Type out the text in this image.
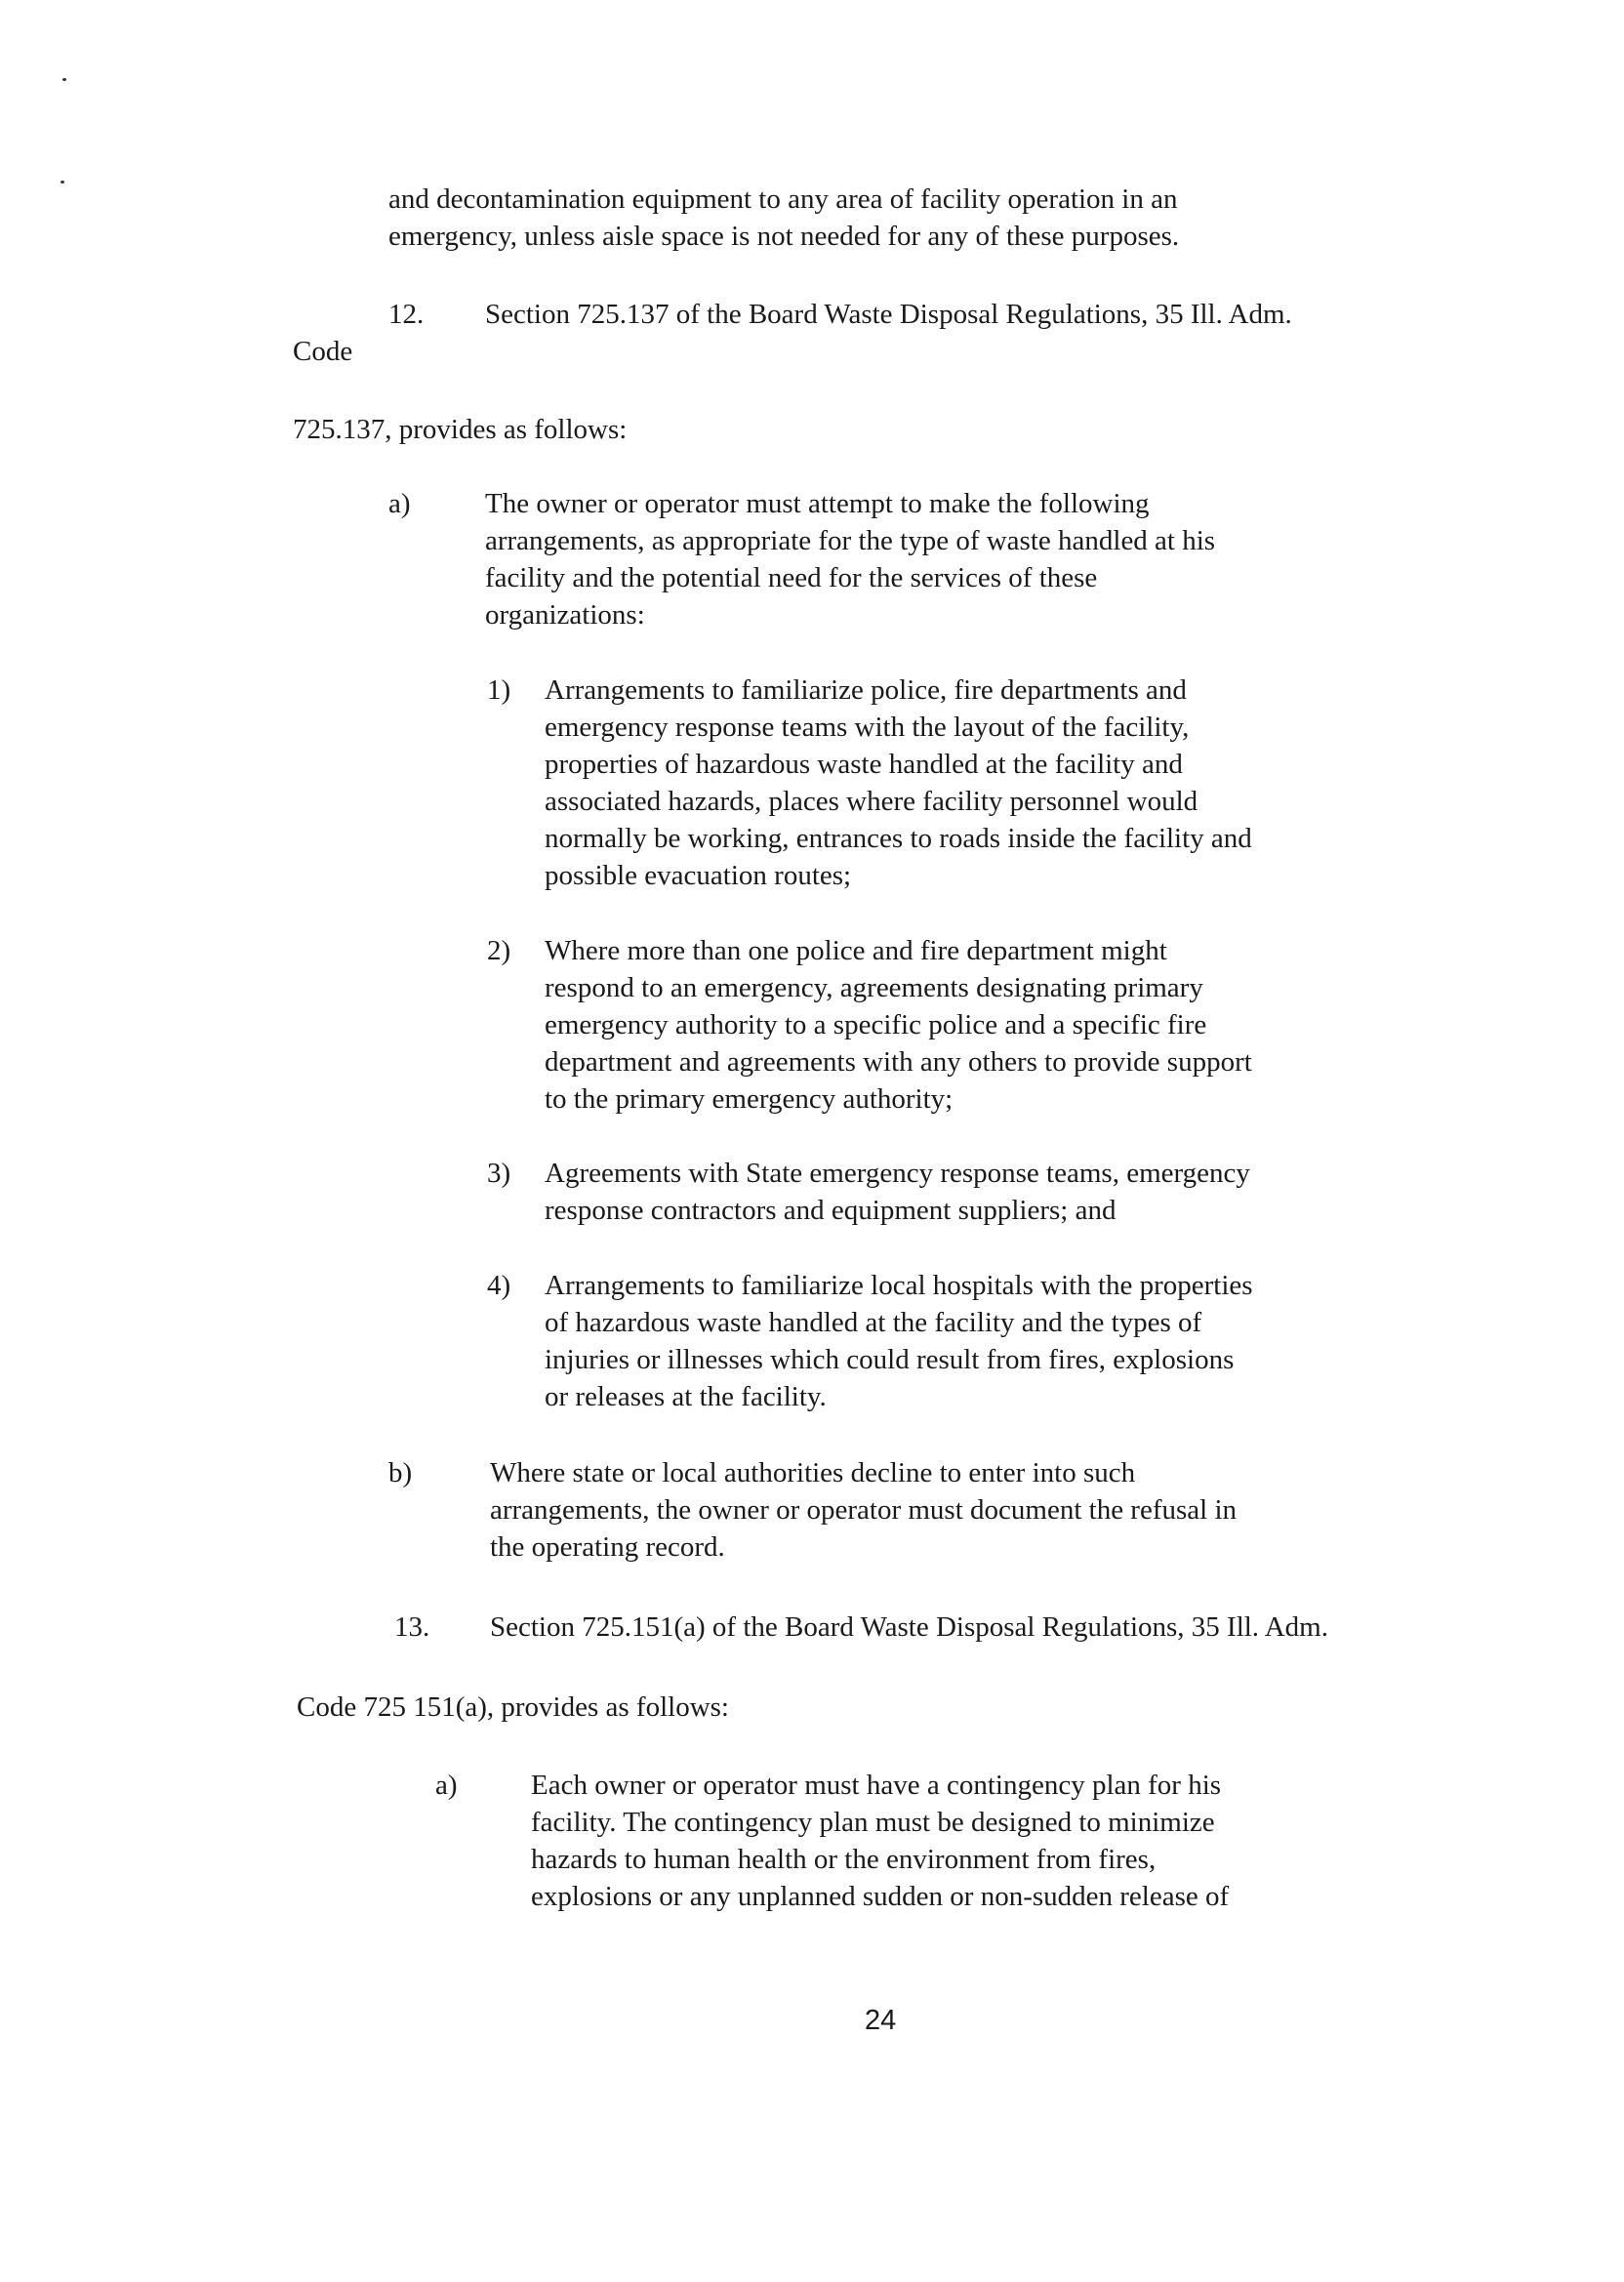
and decontamination equipment to any area of facility operation in an
emergency, unless aisle space is not needed for any of these purposes.
12. Section 725.137 of the Board Waste Disposal Regulations, 35 Ill. Adm.
Code
725.137, provides as follows:
a)	The owner or operator must attempt to make the following
arrangements, as appropriate for the type of waste handled at his
facility and the potential need for the services of these
organizations:
1) Arrangements to familiarize police, fire departments and
emergency response teams with the layout of the facility,
properties of hazardous waste handled at the facility and
associated hazards, places where facility personnel would
normally be working, entrances to roads inside the facility and
possible evacuation routes;
2) Where more than one police and fire department might
respond to an emergency, agreements designating primary
emergency authority to a specific police and a specific fire
department and agreements with any others to provide support
to the primary emergency authority;
3) Agreements with State emergency response teams, emergency
response contractors and equipment suppliers; and
4) Arrangements to familiarize local hospitals with the properties
of hazardous waste handled at the facility and the types of
injuries or illnesses which could result from fires, explosions
or releases at the facility.
b)	Where state or local authorities decline to enter into such
arrangements, the owner or operator must document the refusal in
the operating record.
13. Section 725.151(a) of the Board Waste Disposal Regulations, 35 Ill. Adm.
Code 725 151(a), provides as follows:
a)	Each owner or operator must have a contingency plan for his
facility. The contingency plan must be designed to minimize
hazards to human health or the environment from fires,
explosions or any unplanned sudden or non-sudden release of
24
